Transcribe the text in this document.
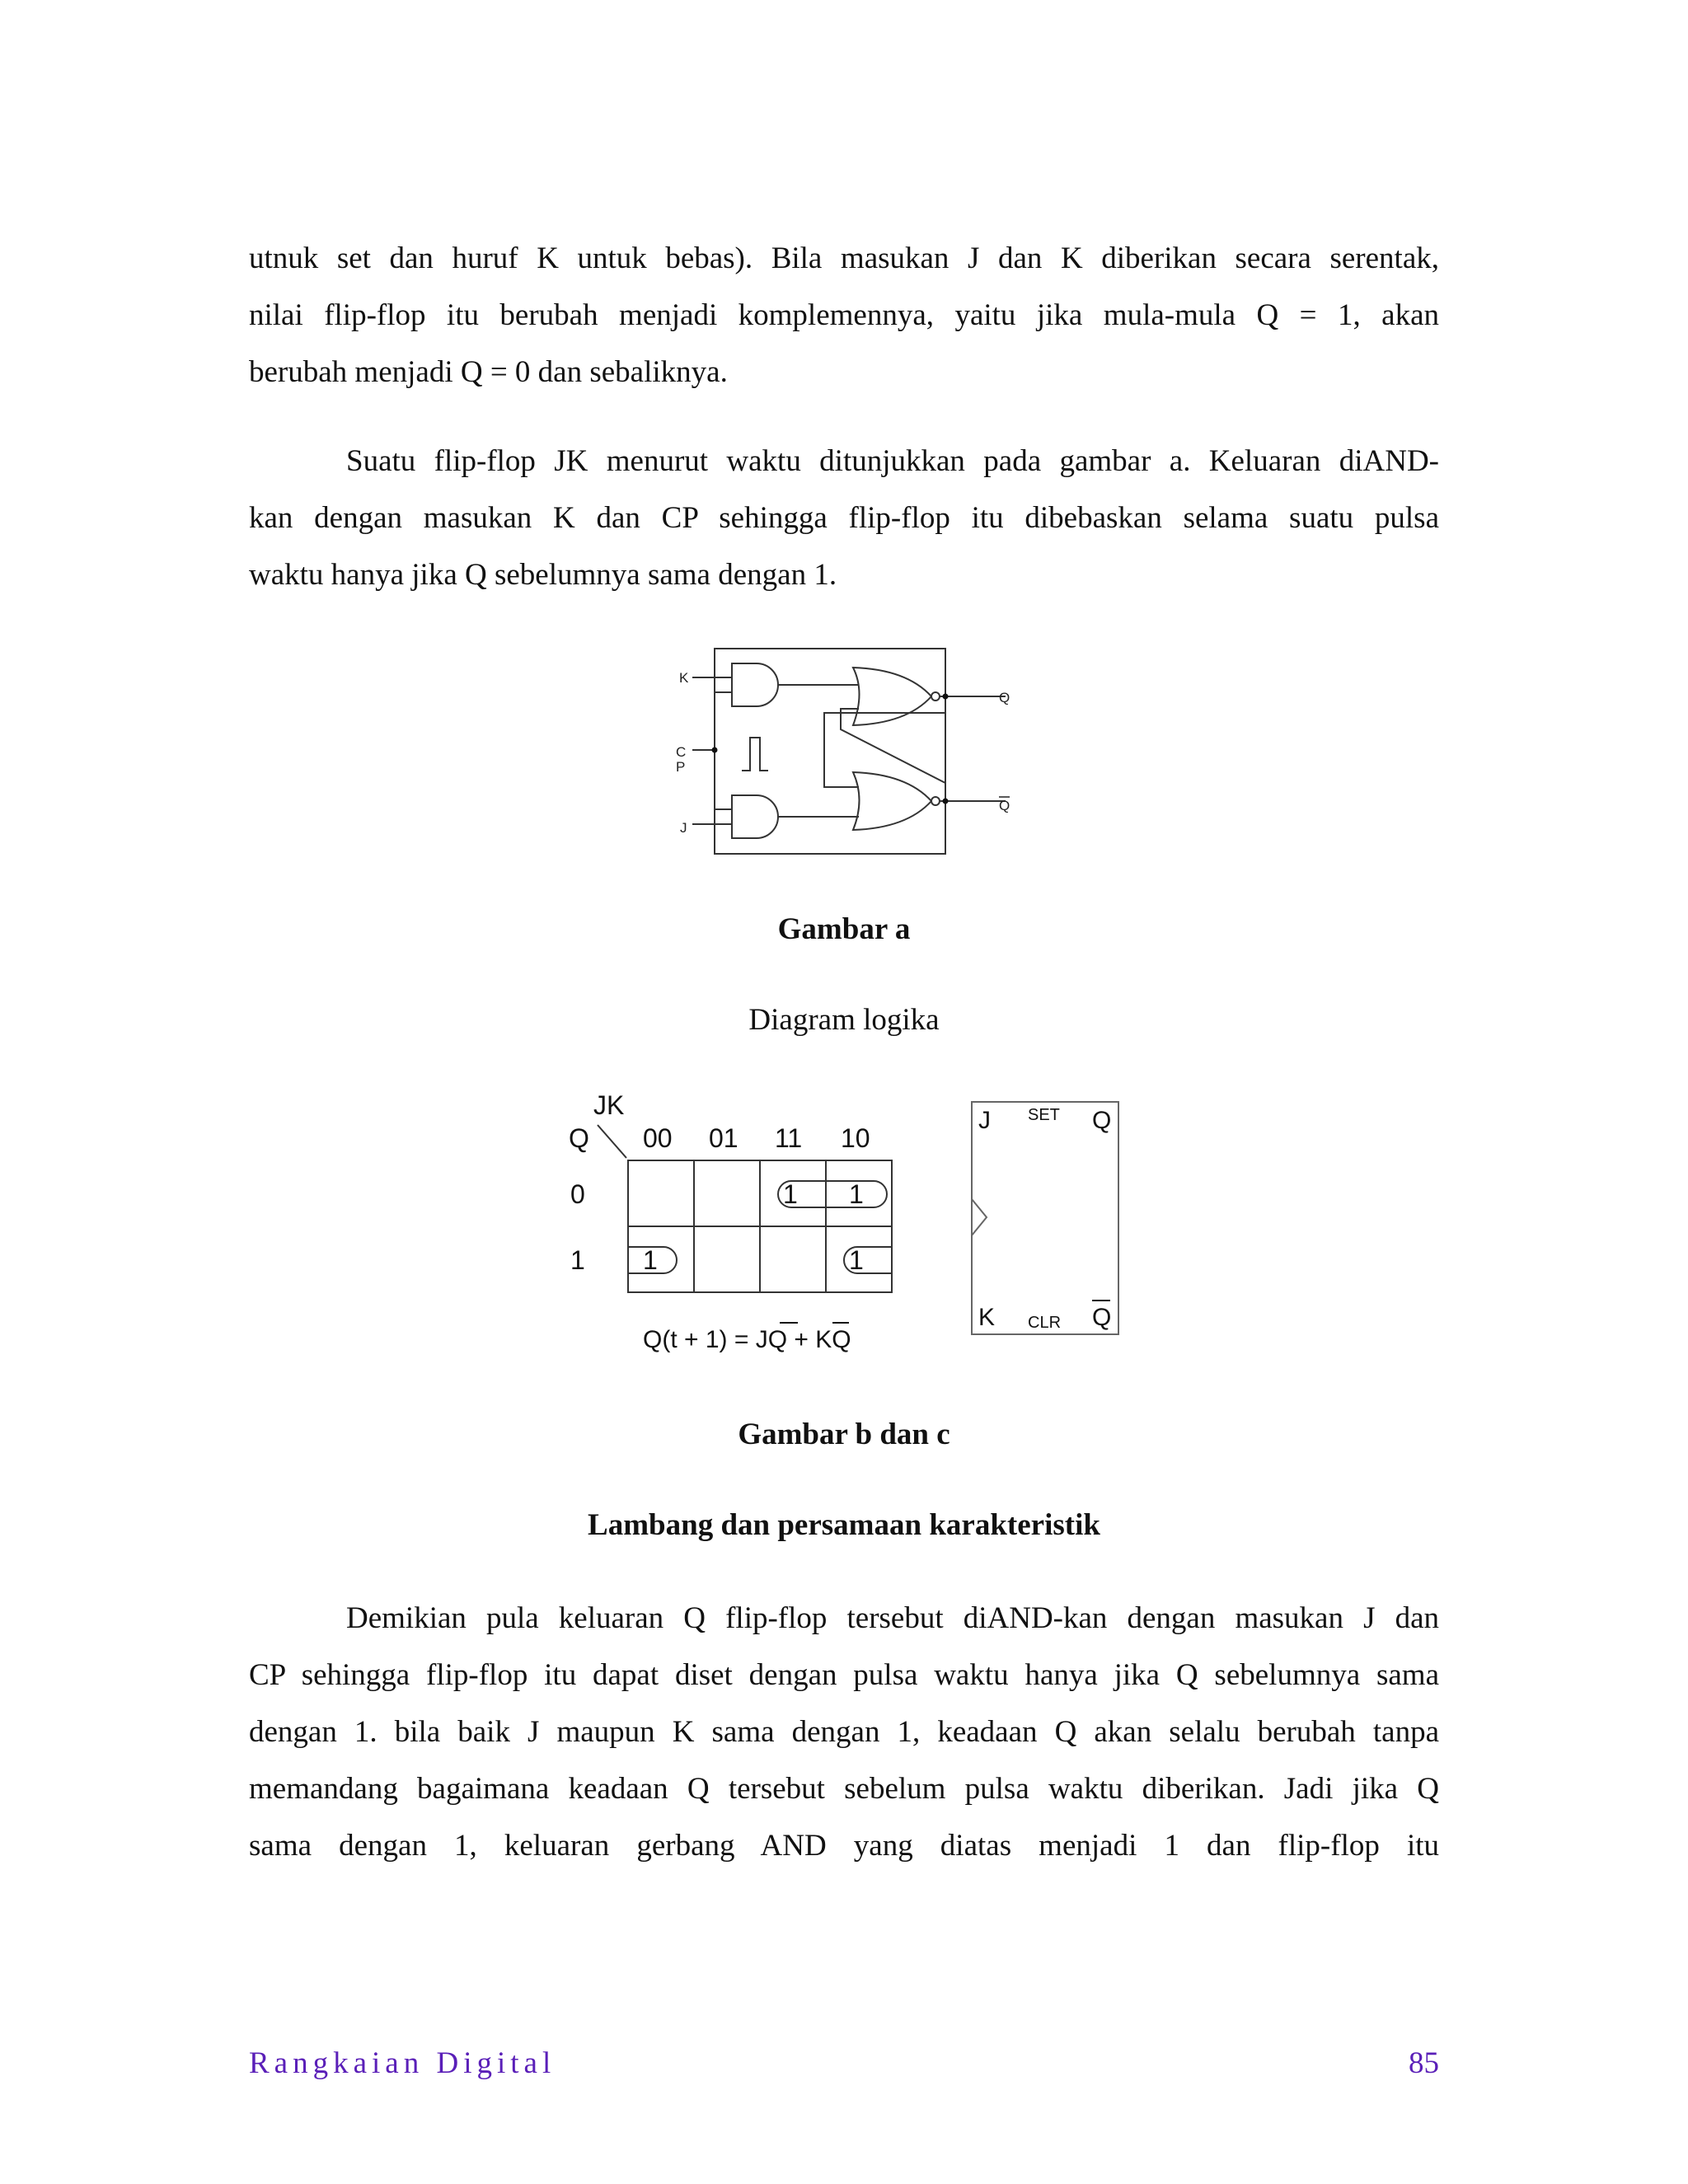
utnuk set dan huruf K untuk bebas). Bila masukan J dan K diberikan secara serentak,
nilai flip-flop itu berubah menjadi komplemennya, yaitu jika mula-mula Q = 1, akan
berubah menjadi Q = 0 dan sebaliknya.

Suatu flip-flop JK menurut waktu ditunjukkan pada gambar a. Keluaran diAND-
kan dengan masukan K dan CP sehingga flip-flop itu dibebaskan selama suatu pulsa
waktu hanya jika Q sebelumnya sama dengan 1.

K
C
P
J
Q
Q

Gambar a

Diagram logika

JK
Q 00 01 11 10
0
1
1 1
1	1
Q(t + 1) = JQ + KQ
J SET Q
K CLR Q

Gambar b dan c

Lambang dan persamaan karakteristik

Demikian pula keluaran Q flip-flop tersebut diAND-kan dengan masukan J dan
CP sehingga flip-flop itu dapat diset dengan pulsa waktu hanya jika Q sebelumnya sama
dengan 1. bila baik J maupun K sama dengan 1, keadaan Q akan selalu berubah tanpa
memandang bagaimana keadaan Q tersebut sebelum pulsa waktu diberikan. Jadi jika Q
sama dengan 1, keluaran gerbang AND yang diatas menjadi 1 dan flip-flop itu

Rangkaian Digital	85
